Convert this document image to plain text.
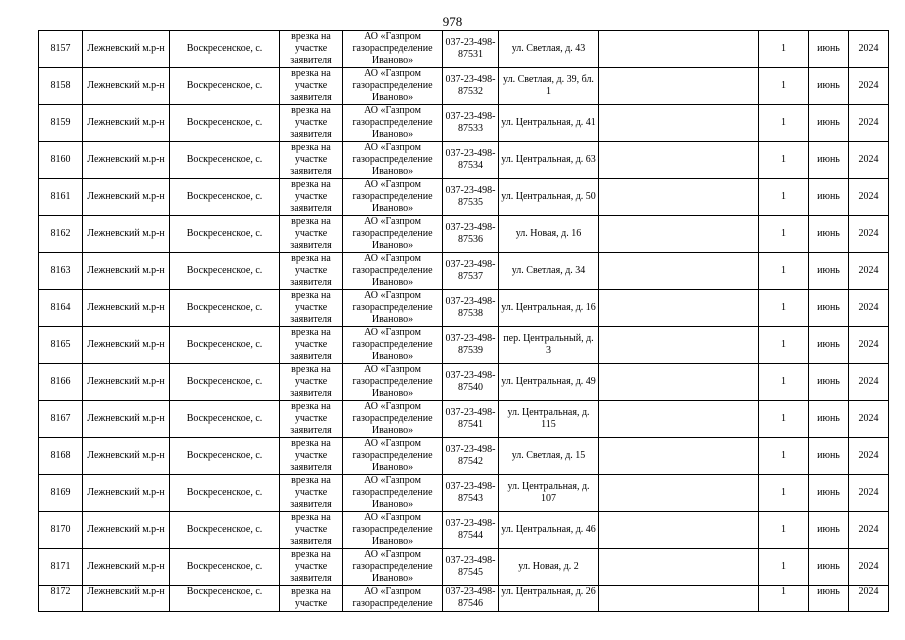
978
8157	Лежневский м.р-н	Воскресенское, с.	врезка на участке заявителя	АО «Газпром газораспределение Иваново»	037-23-498-87531	ул. Светлая, д. 43		1	июнь	2024
8158	Лежневский м.р-н	Воскресенское, с.	врезка на участке заявителя	АО «Газпром газораспределение Иваново»	037-23-498-87532	ул. Светлая, д. 39, бл. 1		1	июнь	2024
8159	Лежневский м.р-н	Воскресенское, с.	врезка на участке заявителя	АО «Газпром газораспределение Иваново»	037-23-498-87533	ул. Центральная, д. 41		1	июнь	2024
8160	Лежневский м.р-н	Воскресенское, с.	врезка на участке заявителя	АО «Газпром газораспределение Иваново»	037-23-498-87534	ул. Центральная, д. 63		1	июнь	2024
8161	Лежневский м.р-н	Воскресенское, с.	врезка на участке заявителя	АО «Газпром газораспределение Иваново»	037-23-498-87535	ул. Центральная, д. 50		1	июнь	2024
8162	Лежневский м.р-н	Воскресенское, с.	врезка на участке заявителя	АО «Газпром газораспределение Иваново»	037-23-498-87536	ул. Новая, д. 16		1	июнь	2024
8163	Лежневский м.р-н	Воскресенское, с.	врезка на участке заявителя	АО «Газпром газораспределение Иваново»	037-23-498-87537	ул. Светлая, д. 34		1	июнь	2024
8164	Лежневский м.р-н	Воскресенское, с.	врезка на участке заявителя	АО «Газпром газораспределение Иваново»	037-23-498-87538	ул. Центральная, д. 16		1	июнь	2024
8165	Лежневский м.р-н	Воскресенское, с.	врезка на участке заявителя	АО «Газпром газораспределение Иваново»	037-23-498-87539	пер. Центральный, д. 3		1	июнь	2024
8166	Лежневский м.р-н	Воскресенское, с.	врезка на участке заявителя	АО «Газпром газораспределение Иваново»	037-23-498-87540	ул. Центральная, д. 49		1	июнь	2024
8167	Лежневский м.р-н	Воскресенское, с.	врезка на участке заявителя	АО «Газпром газораспределение Иваново»	037-23-498-87541	ул. Центральная, д. 115		1	июнь	2024
8168	Лежневский м.р-н	Воскресенское, с.	врезка на участке заявителя	АО «Газпром газораспределение Иваново»	037-23-498-87542	ул. Светлая, д. 15		1	июнь	2024
8169	Лежневский м.р-н	Воскресенское, с.	врезка на участке заявителя	АО «Газпром газораспределение Иваново»	037-23-498-87543	ул. Центральная, д. 107		1	июнь	2024
8170	Лежневский м.р-н	Воскресенское, с.	врезка на участке заявителя	АО «Газпром газораспределение Иваново»	037-23-498-87544	ул. Центральная, д. 46		1	июнь	2024
8171	Лежневский м.р-н	Воскресенское, с.	врезка на участке заявителя	АО «Газпром газораспределение Иваново»	037-23-498-87545	ул. Новая, д. 2		1	июнь	2024
8172	Лежневский м.р-н	Воскресенское, с.	врезка на участке	АО «Газпром газораспределение	037-23-498-87546	ул. Центральная, д. 26		1	июнь	2024
